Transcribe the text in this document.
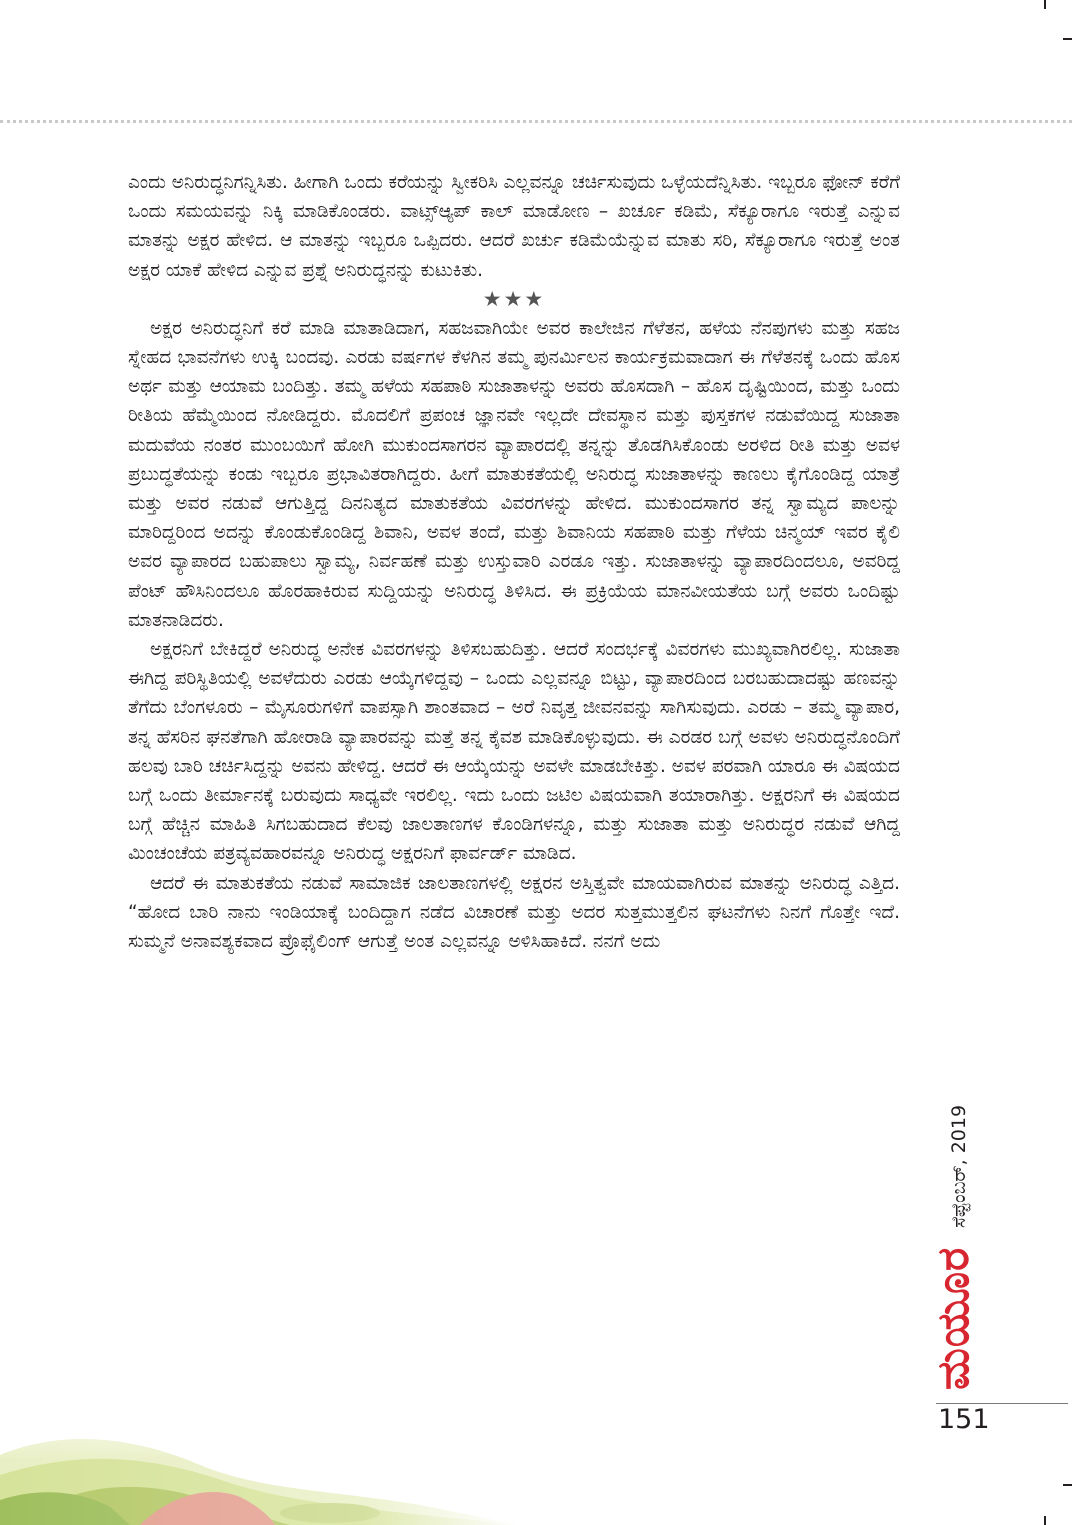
ಎಂದು ಅನಿರುದ್ಧನಿಗನ್ನಿಸಿತು. ಹೀಗಾಗಿ ಒಂದು ಕರೆಯನ್ನು ಸ್ವೀಕರಿಸಿ ಎಲ್ಲವನ್ನೂ ಚರ್ಚಿಸುವುದು ಒಳ್ಳೆಯದೆನ್ನಿಸಿತು. ಇಬ್ಬರೂ ಫೋನ್ ಕರೆಗೆ ಒಂದು ಸಮಯವನ್ನು ನಿಕ್ಕಿ ಮಾಡಿಕೊಂಡರು. ವಾಟ್ಸ್ಆ್ಯಪ್ ಕಾಲ್ ಮಾಡೋಣ – ಖರ್ಚೂ ಕಡಿಮೆ, ಸೆಕ್ಯೂರಾಗೂ ಇರುತ್ತೆ ಎನ್ನುವ ಮಾತನ್ನು ಅಕ್ಷರ ಹೇಳಿದ. ಆ ಮಾತನ್ನು ಇಬ್ಬರೂ ಒಪ್ಪಿದರು. ಆದರೆ ಖರ್ಚು ಕಡಿಮೆಯೆನ್ನುವ ಮಾತು ಸರಿ, ಸೆಕ್ಯೂರಾಗೂ ಇರುತ್ತೆ ಅಂತ ಅಕ್ಷರ ಯಾಕೆ ಹೇಳಿದ ಎನ್ನುವ ಪ್ರಶ್ನೆ ಅನಿರುದ್ಧನನ್ನು ಕುಟುಕಿತು.

★★★

ಅಕ್ಷರ ಅನಿರುದ್ಧನಿಗೆ ಕರೆ ಮಾಡಿ ಮಾತಾಡಿದಾಗ, ಸಹಜವಾಗಿಯೇ ಅವರ ಕಾಲೇಜಿನ ಗೆಳೆತನ, ಹಳೆಯ ನೆನಪುಗಳು ಮತ್ತು ಸಹಜ ಸ್ನೇಹದ ಭಾವನೆಗಳು ಉಕ್ಕಿ ಬಂದವು. ಎರಡು ವರ್ಷಗಳ ಕೆಳಗಿನ ತಮ್ಮ ಪುನರ್ಮಿಲನ ಕಾರ್ಯಕ್ರಮವಾದಾಗ ಈ ಗೆಳೆತನಕ್ಕೆ ಒಂದು ಹೊಸ ಅರ್ಥ ಮತ್ತು ಆಯಾಮ ಬಂದಿತ್ತು. ತಮ್ಮ ಹಳೆಯ ಸಹಪಾಠಿ ಸುಜಾತಾಳನ್ನು ಅವರು ಹೊಸದಾಗಿ – ಹೊಸ ದೃಷ್ಟಿಯಿಂದ, ಮತ್ತು ಒಂದು ರೀತಿಯ ಹೆಮ್ಮೆಯಿಂದ ನೋಡಿದ್ದರು. ಮೊದಲಿಗೆ ಪ್ರಪಂಚ ಜ್ಞಾನವೇ ಇಲ್ಲದೇ ದೇವಸ್ಥಾನ ಮತ್ತು ಪುಸ್ತಕಗಳ ನಡುವೆಯಿದ್ದ ಸುಜಾತಾ ಮದುವೆಯ ನಂತರ ಮುಂಬಯಿಗೆ ಹೋಗಿ ಮುಕುಂದಸಾಗರನ ವ್ಯಾಪಾರದಲ್ಲಿ ತನ್ನನ್ನು ತೊಡಗಿಸಿಕೊಂಡು ಅರಳಿದ ರೀತಿ ಮತ್ತು ಅವಳ ಪ್ರಬುದ್ಧತೆಯನ್ನು ಕಂಡು ಇಬ್ಬರೂ ಪ್ರಭಾವಿತರಾಗಿದ್ದರು. ಹೀಗೆ ಮಾತುಕತೆಯಲ್ಲಿ ಅನಿರುದ್ಧ ಸುಜಾತಾಳನ್ನು ಕಾಣಲು ಕೈಗೊಂಡಿದ್ದ ಯಾತ್ರೆ ಮತ್ತು ಅವರ ನಡುವೆ ಆಗುತ್ತಿದ್ದ ದಿನನಿತ್ಯದ ಮಾತುಕತೆಯ ವಿವರಗಳನ್ನು ಹೇಳಿದ. ಮುಕುಂದಸಾಗರ ತನ್ನ ಸ್ವಾಮ್ಯದ ಪಾಲನ್ನು ಮಾರಿದ್ದರಿಂದ ಅದನ್ನು ಕೊಂಡುಕೊಂಡಿದ್ದ ಶಿವಾನಿ, ಅವಳ ತಂದೆ, ಮತ್ತು ಶಿವಾನಿಯ ಸಹಪಾಠಿ ಮತ್ತು ಗೆಳೆಯ ಚಿನ್ಮಯ್ ಇವರ ಕೈಲಿ ಅವರ ವ್ಯಾಪಾರದ ಬಹುಪಾಲು ಸ್ವಾಮ್ಯ, ನಿರ್ವಹಣೆ ಮತ್ತು ಉಸ್ತುವಾರಿ ಎರಡೂ ಇತ್ತು. ಸುಜಾತಾಳನ್ನು ವ್ಯಾಪಾರದಿಂದಲೂ, ಅವರಿದ್ದ ಪೆಂಟ್ ಹೌಸಿನಿಂದಲೂ ಹೊರಹಾಕಿರುವ ಸುದ್ದಿಯನ್ನು ಅನಿರುದ್ಧ ತಿಳಿಸಿದ. ಈ ಪ್ರಕ್ರಿಯೆಯ ಮಾನವೀಯತೆಯ ಬಗ್ಗೆ ಅವರು ಒಂದಿಷ್ಟು ಮಾತನಾಡಿದರು.

ಅಕ್ಷರನಿಗೆ ಬೇಕಿದ್ದರೆ ಅನಿರುದ್ಧ ಅನೇಕ ವಿವರಗಳನ್ನು ತಿಳಿಸಬಹುದಿತ್ತು. ಆದರೆ ಸಂದರ್ಭಕ್ಕೆ ವಿವರಗಳು ಮುಖ್ಯವಾಗಿರಲಿಲ್ಲ. ಸುಜಾತಾ ಈಗಿದ್ದ ಪರಿಸ್ಥಿತಿಯಲ್ಲಿ ಅವಳೆದುರು ಎರಡು ಆಯ್ಕೆಗಳಿದ್ದವು – ಒಂದು ಎಲ್ಲವನ್ನೂ ಬಿಟ್ಟು, ವ್ಯಾಪಾರದಿಂದ ಬರಬಹುದಾದಷ್ಟು ಹಣವನ್ನು ತೆಗೆದು ಬೆಂಗಳೂರು – ಮೈಸೂರುಗಳಿಗೆ ವಾಪಸ್ಸಾಗಿ ಶಾಂತವಾದ – ಅರೆ ನಿವೃತ್ತ ಜೀವನವನ್ನು ಸಾಗಿಸುವುದು. ಎರಡು – ತಮ್ಮ ವ್ಯಾಪಾರ, ತನ್ನ ಹೆಸರಿನ ಘನತೆಗಾಗಿ ಹೋರಾಡಿ ವ್ಯಾಪಾರವನ್ನು ಮತ್ತೆ ತನ್ನ ಕೈವಶ ಮಾಡಿಕೊಳ್ಳುವುದು. ಈ ಎರಡರ ಬಗ್ಗೆ ಅವಳು ಅನಿರುದ್ಧನೊಂದಿಗೆ ಹಲವು ಬಾರಿ ಚರ್ಚಿಸಿದ್ದನ್ನು ಅವನು ಹೇಳಿದ್ದ. ಆದರೆ ಈ ಆಯ್ಕೆಯನ್ನು ಅವಳೇ ಮಾಡಬೇಕಿತ್ತು. ಅವಳ ಪರವಾಗಿ ಯಾರೂ ಈ ವಿಷಯದ ಬಗ್ಗೆ ಒಂದು ತೀರ್ಮಾನಕ್ಕೆ ಬರುವುದು ಸಾಧ್ಯವೇ ಇರಲಿಲ್ಲ. ಇದು ಒಂದು ಜಟಿಲ ವಿಷಯವಾಗಿ ತಯಾರಾಗಿತ್ತು. ಅಕ್ಷರನಿಗೆ ಈ ವಿಷಯದ ಬಗ್ಗೆ ಹೆಚ್ಚಿನ ಮಾಹಿತಿ ಸಿಗಬಹುದಾದ ಕೆಲವು ಜಾಲತಾಣಗಳ ಕೊಂಡಿಗಳನ್ನೂ, ಮತ್ತು ಸುಜಾತಾ ಮತ್ತು ಅನಿರುದ್ಧರ ನಡುವೆ ಆಗಿದ್ದ ಮಿಂಚಂಚೆಯ ಪತ್ರವ್ಯವಹಾರವನ್ನೂ ಅನಿರುದ್ಧ ಅಕ್ಷರನಿಗೆ ಫಾರ್ವರ್ಡ್ ಮಾಡಿದ.

ಆದರೆ ಈ ಮಾತುಕತೆಯ ನಡುವೆ ಸಾಮಾಜಿಕ ಜಾಲತಾಣಗಳಲ್ಲಿ ಅಕ್ಷರನ ಅಸ್ತಿತ್ವವೇ ಮಾಯವಾಗಿರುವ ಮಾತನ್ನು ಅನಿರುದ್ಧ ಎತ್ತಿದ. “ಹೋದ ಬಾರಿ ನಾನು ಇಂಡಿಯಾಕ್ಕೆ ಬಂದಿದ್ದಾಗ ನಡೆದ ವಿಚಾರಣೆ ಮತ್ತು ಅದರ ಸುತ್ತಮುತ್ತಲಿನ ಘಟನೆಗಳು ನಿನಗೆ ಗೊತ್ತೇ ಇದೆ. ಸುಮ್ಮನೆ ಅನಾವಶ್ಯಕವಾದ ಪ್ರೊಫೈಲಿಂಗ್ ಆಗುತ್ತೆ ಅಂತ ಎಲ್ಲವನ್ನೂ ಅಳಿಸಿಹಾಕಿದೆ. ನನಗೆ ಅದು

ಸೆಪ್ಟೆಂಬರ್, 2019
ಮಯೂರ
151
